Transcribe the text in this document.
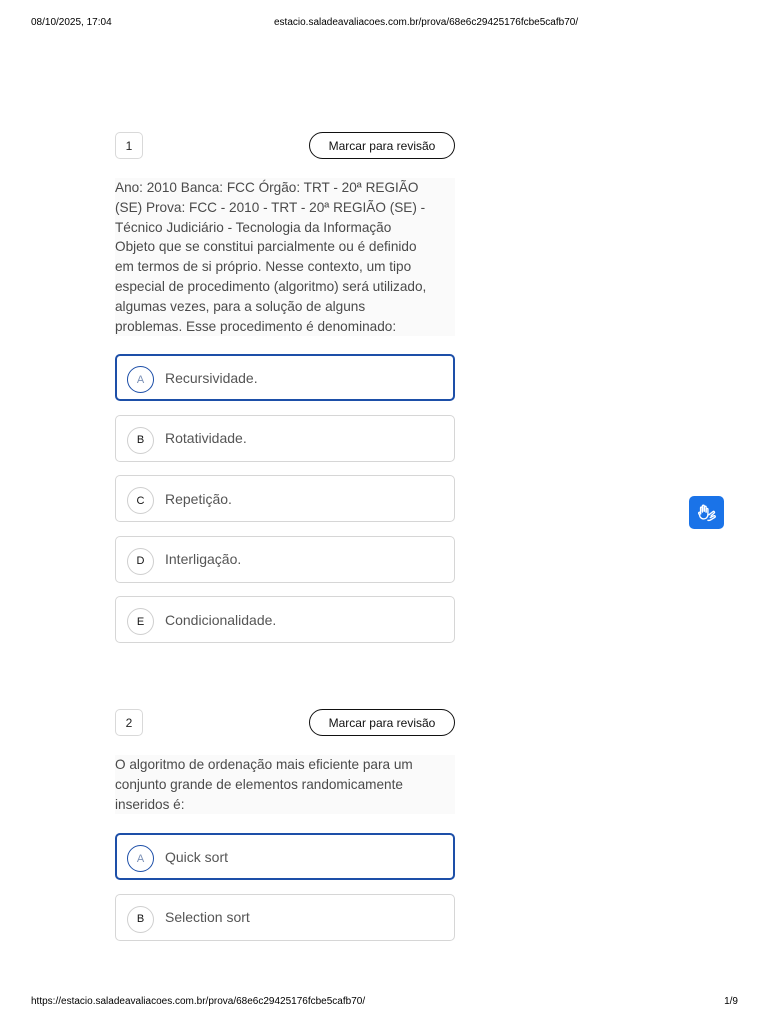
08/10/2025, 17:04	estacio.saladeavaliacoes.com.br/prova/68e6c29425176fcbe5cafb70/
1	Marcar para revisão
Ano: 2010 Banca: FCC Órgão: TRT - 20ª REGIÃO
(SE) Prova: FCC - 2010 - TRT - 20ª REGIÃO (SE) -
Técnico Judiciário - Tecnologia da Informação
Objeto que se constitui parcialmente ou é definido
em termos de si próprio. Nesse contexto, um tipo
especial de procedimento (algoritmo) será utilizado,
algumas vezes, para a solução de alguns
problemas. Esse procedimento é denominado:
A	Recursividade.
B	Rotatividade.
C	Repetição.
D	Interligação.
E	Condicionalidade.
2	Marcar para revisão
O algoritmo de ordenação mais eficiente para um
conjunto grande de elementos randomicamente
inseridos é:
A	Quick sort
B	Selection sort
https://estacio.saladeavaliacoes.com.br/prova/68e6c29425176fcbe5cafb70/	1/9
